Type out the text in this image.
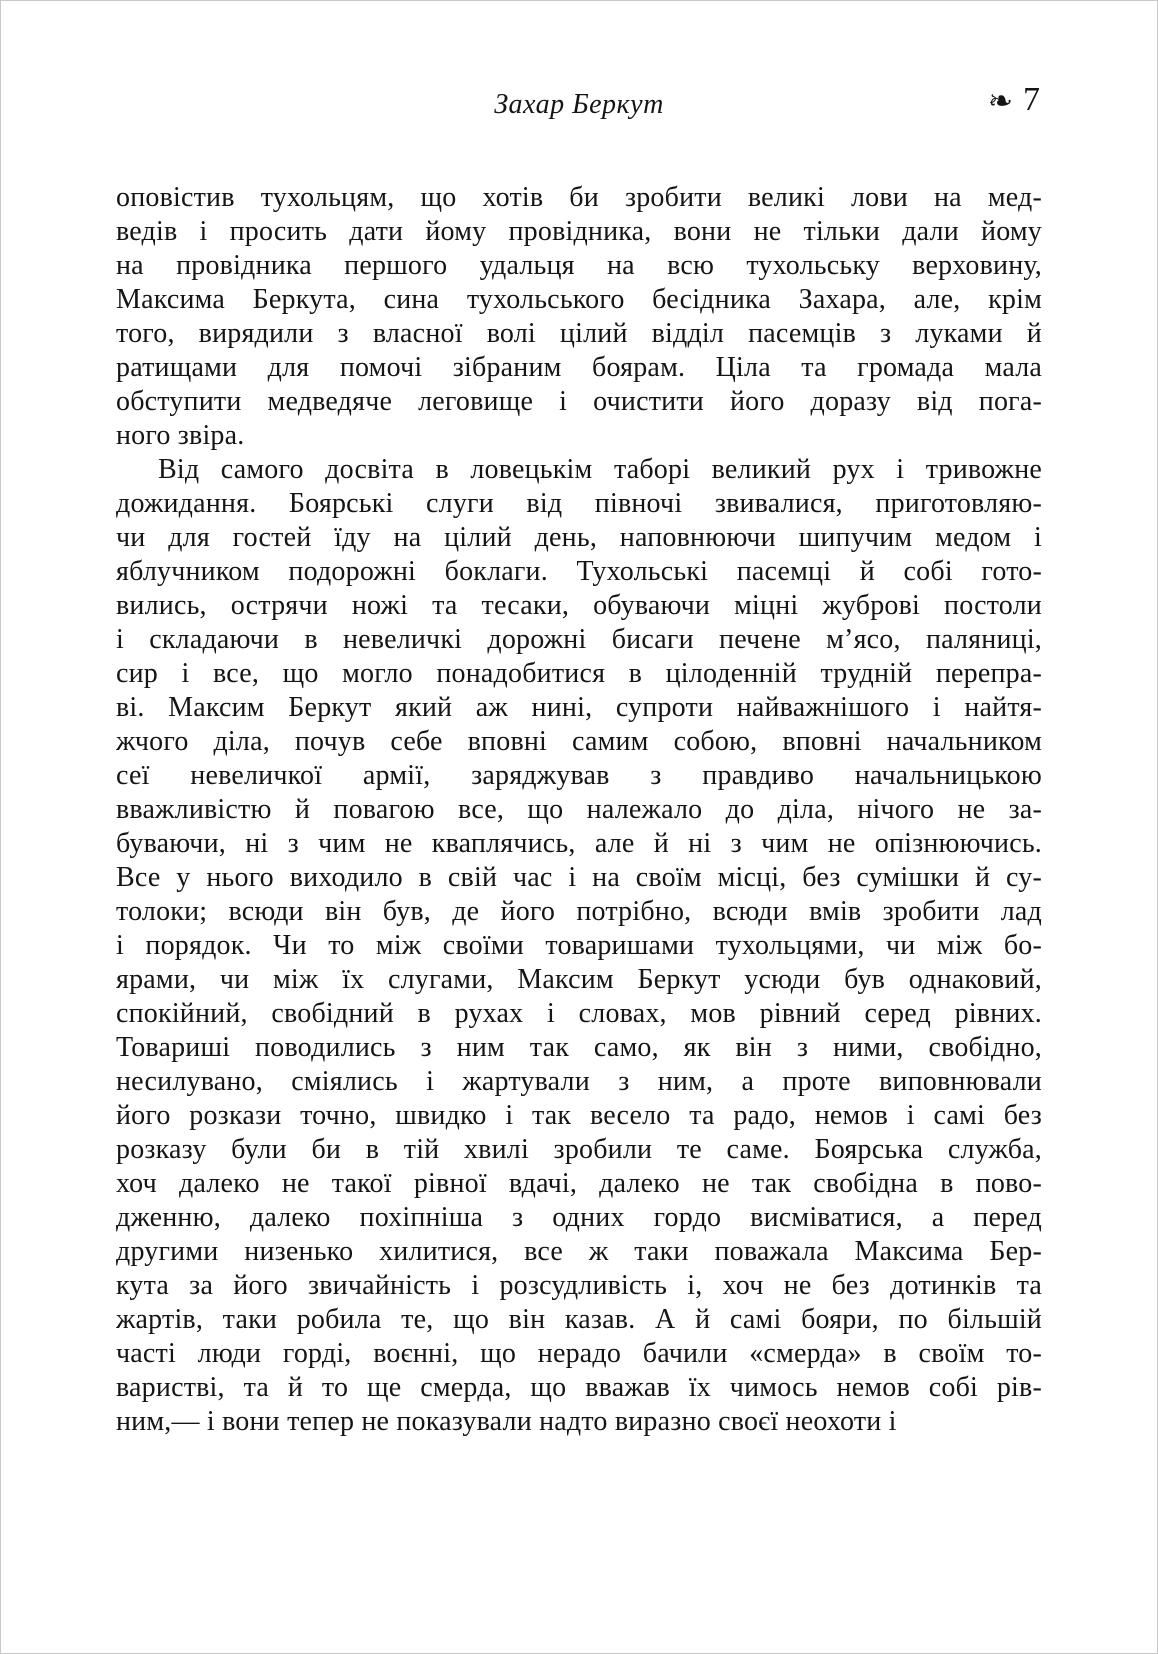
Захар Беркут	❧ 7
оповістив тухольцям, що хотів би зробити великі лови на мед-
ведів і просить дати йому провідника, вони не тільки дали йому
на провідника першого удальця на всю тухольську верховину,
Максима Беркута, сина тухольського бесідника Захара, але, крім
того, вирядили з власної волі цілий відділ пасемців з луками й
ратищами для помочі зібраним боярам. Ціла та громада мала
обступити медведяче леговище і очистити його доразу від пога-
ного звіра.
Від самого досвіта в ловецькім таборі великий рух і тривожне
дожидання. Боярські слуги від півночі звивалися, приготовляю-
чи для гостей їду на цілий день, наповнюючи шипучим медом і
яблучником подорожні боклаги. Тухольські пасемці й собі гото-
вились, острячи ножі та тесаки, обуваючи міцні жуброві постоли
і складаючи в невеличкі дорожні бисаги печене м’ясо, паляниці,
сир і все, що могло понадобитися в цілоденній трудній перепра-
ві. Максим Беркут який аж нині, супроти найважнішого і найтя-
жчого діла, почув себе вповні самим собою, вповні начальником
сеї невеличкої армії, заряджував з правдиво начальницькою
вважливістю й повагою все, що належало до діла, нічого не за-
буваючи, ні з чим не кваплячись, але й ні з чим не опізнюючись.
Все у нього виходило в свій час і на своїм місці, без сумішки й су-
толоки; всюди він був, де його потрібно, всюди вмів зробити лад
і порядок. Чи то між своїми товаришами тухольцями, чи між бо-
ярами, чи між їх слугами, Максим Беркут усюди був однаковий,
спокійний, свобідний в рухах і словах, мов рівний серед рівних.
Товариші поводились з ним так само, як він з ними, свобідно,
несилувано, сміялись і жартували з ним, а проте виповнювали
його розкази точно, швидко і так весело та радо, немов і самі без
розказу були би в тій хвилі зробили те саме. Боярська служба,
хоч далеко не такої рівної вдачі, далеко не так свобідна в пово-
дженню, далеко похіпніша з одних гордо висміватися, а перед
другими низенько хилитися, все ж таки поважала Максима Бер-
кута за його звичайність і розсудливість і, хоч не без дотинків та
жартів, таки робила те, що він казав. А й самі бояри, по більшій
часті люди горді, воєнні, що нерадо бачили «смерда» в своїм то-
варистві, та й то ще смерда, що вважав їх чимось немов собі рів-
ним,— і вони тепер не показували надто виразно своєї неохоти і
